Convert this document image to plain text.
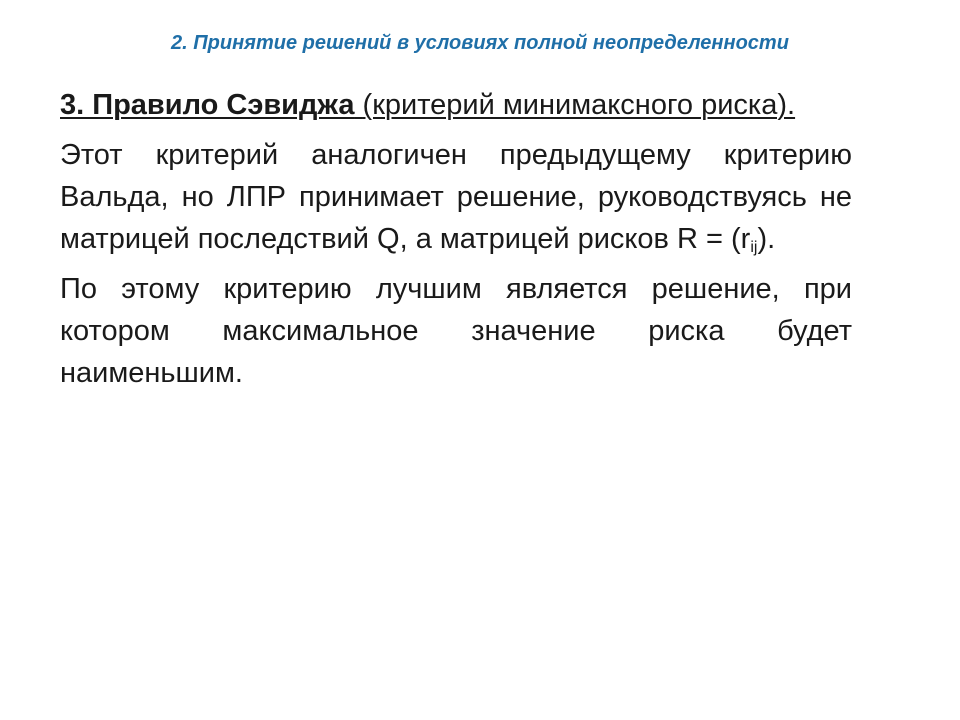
2. Принятие решений в условиях полной неопределенности

3. Правило Сэвиджа (критерий минимаксного риска).

Этот критерий аналогичен предыдущему критерию Вальда, но ЛПР принимает решение, руководствуясь не матрицей последствий Q, а матрицей рисков $R = (r_{ij})$.

По этому критерию лучшим является решение, при котором максимальное значение риска будет наименьшим.
